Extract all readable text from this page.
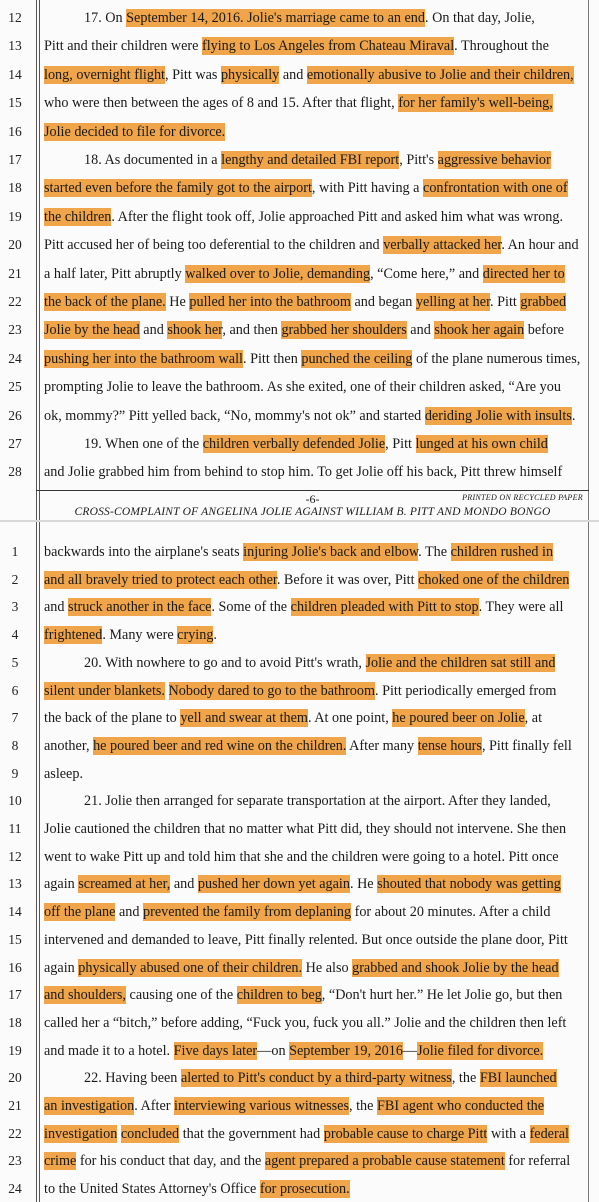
12	17. On September 14, 2016. Jolie's marriage came to an end. On that day, Jolie,
13	Pitt and their children were flying to Los Angeles from Chateau Miraval. Throughout the
14	long, overnight flight, Pitt was physically and emotionally abusive to Jolie and their children,
15	who were then between the ages of 8 and 15. After that flight, for her family's well-being,
16	Jolie decided to file for divorce.
17	18. As documented in a lengthy and detailed FBI report, Pitt's aggressive behavior
18	started even before the family got to the airport, with Pitt having a confrontation with one of
19	the children. After the flight took off, Jolie approached Pitt and asked him what was wrong.
20	Pitt accused her of being too deferential to the children and verbally attacked her. An hour and
21	a half later, Pitt abruptly walked over to Jolie, demanding, “Come here,” and directed her to
22	the back of the plane. He pulled her into the bathroom and began yelling at her. Pitt grabbed
23	Jolie by the head and shook her, and then grabbed her shoulders and shook her again before
24	pushing her into the bathroom wall. Pitt then punched the ceiling of the plane numerous times,
25	prompting Jolie to leave the bathroom. As she exited, one of their children asked, “Are you
26	ok, mommy?” Pitt yelled back, “No, mommy's not ok” and started deriding Jolie with insults.
27	19. When one of the children verbally defended Jolie, Pitt lunged at his own child
28	and Jolie grabbed him from behind to stop him. To get Jolie off his back, Pitt threw himself
-6-	PRINTED ON RECYCLED PAPER
CROSS-COMPLAINT OF ANGELINA JOLIE AGAINST WILLIAM B. PITT AND MONDO BONGO
1	backwards into the airplane's seats injuring Jolie's back and elbow. The children rushed in
2	and all bravely tried to protect each other. Before it was over, Pitt choked one of the children
3	and struck another in the face. Some of the children pleaded with Pitt to stop. They were all
4	frightened. Many were crying.
5	20. With nowhere to go and to avoid Pitt's wrath, Jolie and the children sat still and
6	silent under blankets. Nobody dared to go to the bathroom. Pitt periodically emerged from
7	the back of the plane to yell and swear at them. At one point, he poured beer on Jolie, at
8	another, he poured beer and red wine on the children. After many tense hours, Pitt finally fell
9	asleep.
10	21. Jolie then arranged for separate transportation at the airport. After they landed,
11	Jolie cautioned the children that no matter what Pitt did, they should not intervene. She then
12	went to wake Pitt up and told him that she and the children were going to a hotel. Pitt once
13	again screamed at her, and pushed her down yet again. He shouted that nobody was getting
14	off the plane and prevented the family from deplaning for about 20 minutes. After a child
15	intervened and demanded to leave, Pitt finally relented. But once outside the plane door, Pitt
16	again physically abused one of their children. He also grabbed and shook Jolie by the head
17	and shoulders, causing one of the children to beg, “Don't hurt her.” He let Jolie go, but then
18	called her a “bitch,” before adding, “Fuck you, fuck you all.” Jolie and the children then left
19	and made it to a hotel. Five days later—on September 19, 2016—Jolie filed for divorce.
20	22. Having been alerted to Pitt's conduct by a third-party witness, the FBI launched
21	an investigation. After interviewing various witnesses, the FBI agent who conducted the
22	investigation concluded that the government had probable cause to charge Pitt with a federal
23	crime for his conduct that day, and the agent prepared a probable cause statement for referral
24	to the United States Attorney's Office for prosecution.
